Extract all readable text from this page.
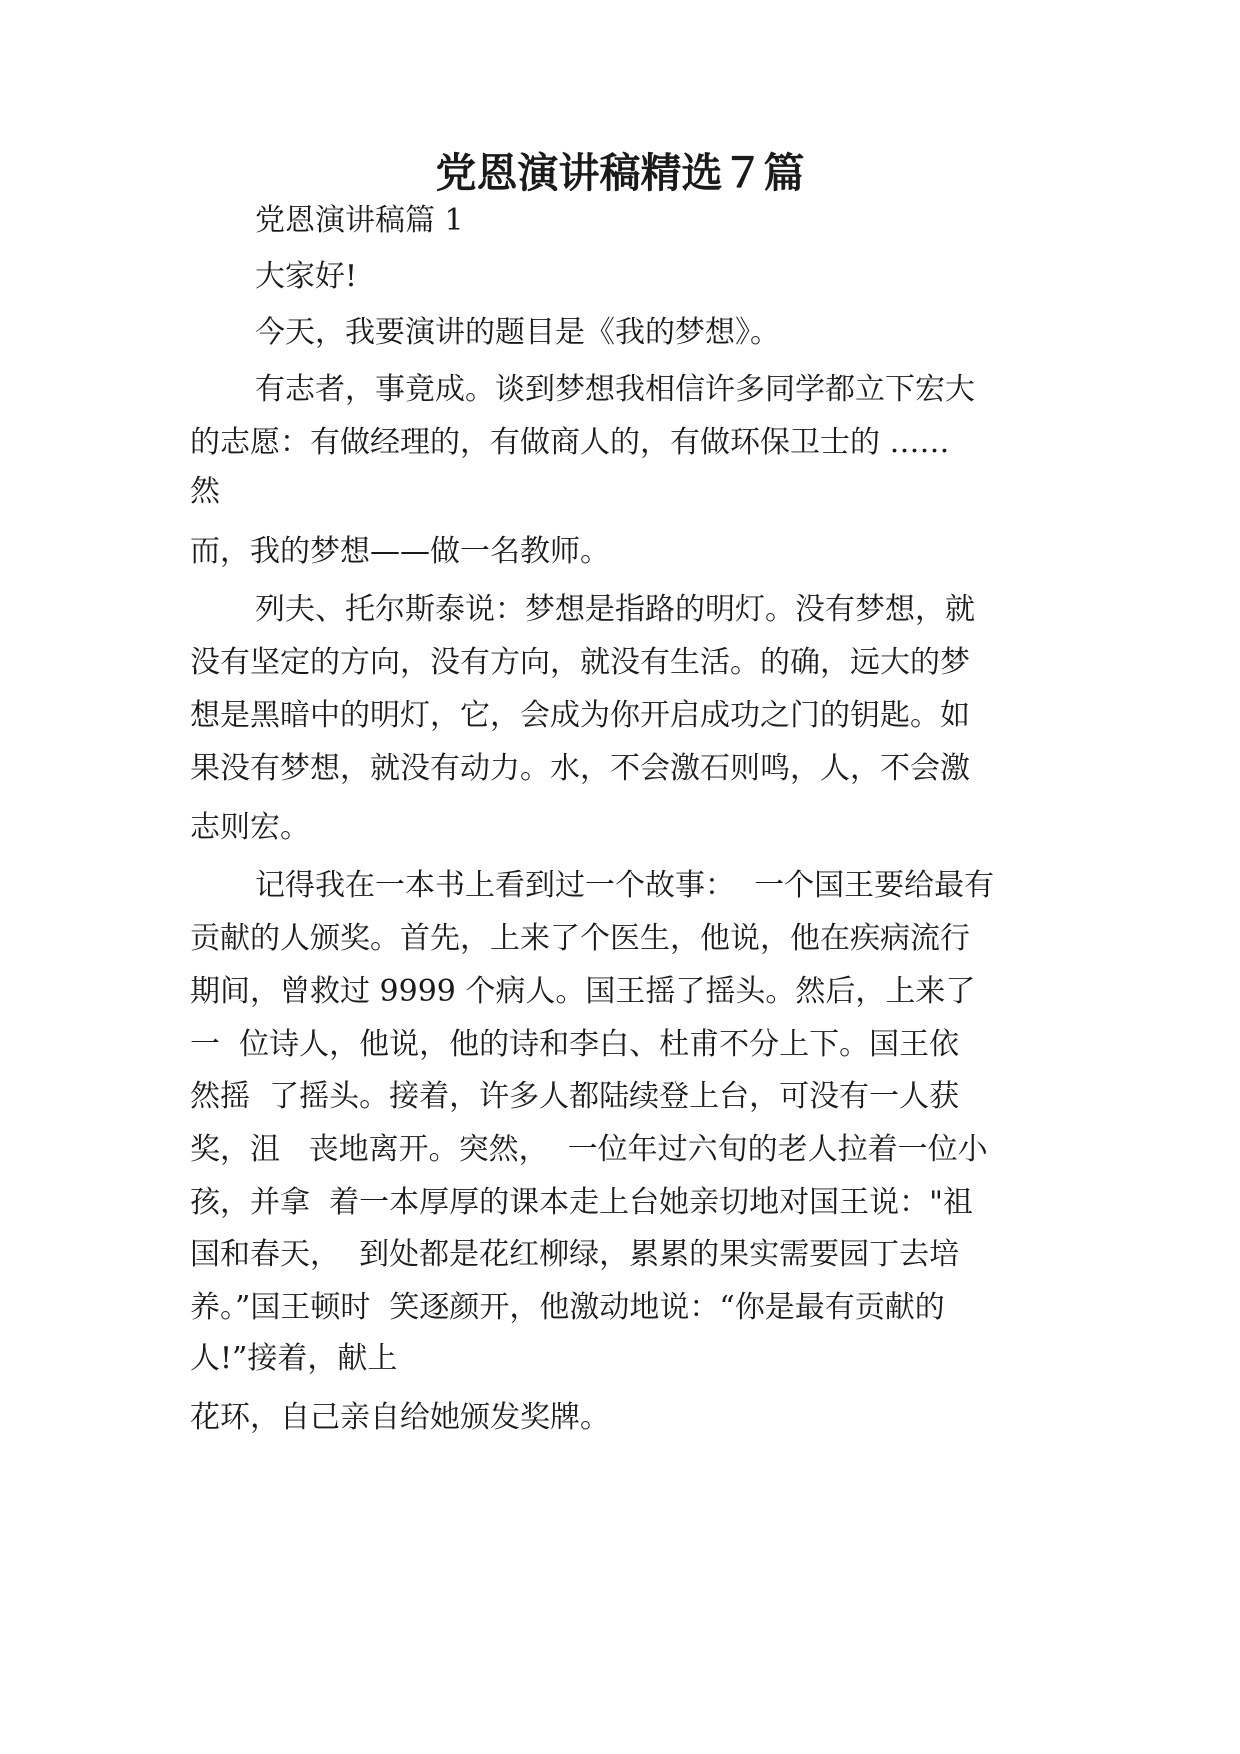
党恩演讲稿精选７篇

党恩演讲稿篇 1

大家好!

今天，我要演讲的题目是《我的梦想》。

有志者，事竟成。谈到梦想我相信许多同学都立下宏大

的志愿：有做经理的，有做商人的，有做环保卫士的 ……

然

而，我的梦想——做一名教师。

列夫、托尔斯泰说：梦想是指路的明灯。没有梦想，就

没有坚定的方向，没有方向，就没有生活。的确，远大的梦

想是黑暗中的明灯，它，会成为你开启成功之门的钥匙。如

果没有梦想，就没有动力。水，不会激石则鸣，人，不会激

志则宏。

记得我在一本书上看到过一个故事：  一个国王要给最有

贡献的人颁奖。首先，上来了个医生，他说，他在疾病流行

期间，曾救过 9999 个病人。国王摇了摇头。然后，上来了

一  位诗人，他说，他的诗和李白、杜甫不分上下。国王依

然摇  了摇头。接着，许多人都陆续登上台，可没有一人获

奖，沮   丧地离开。突然，  一位年过六旬的老人拉着一位小

孩，并拿  着一本厚厚的课本走上台她亲切地对国王说："祖

国和春天，  到处都是花红柳绿，累累的果实需要园丁去培

养。”国王顿时  笑逐颜开，他激动地说：“你是最有贡献的

人!”接着，献上

花环，自己亲自给她颁发奖牌。
